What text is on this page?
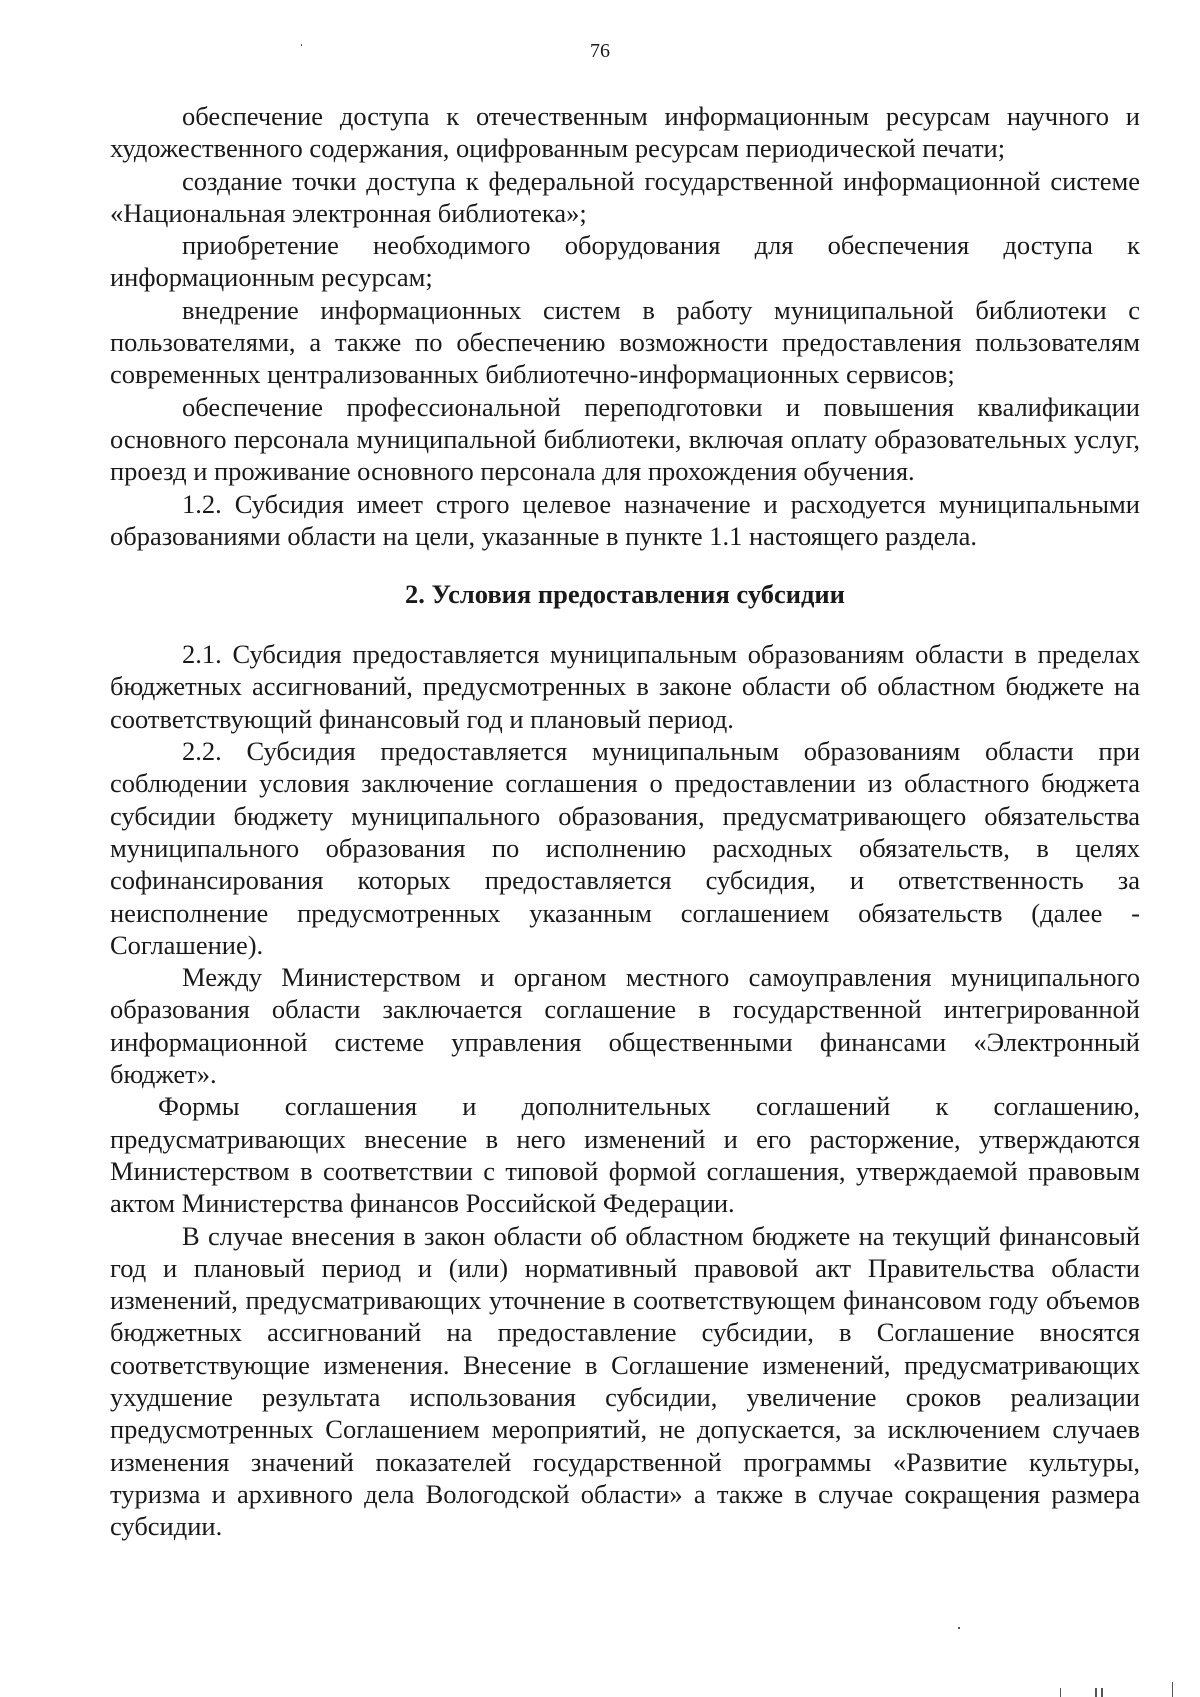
76

обеспечение доступа к отечественным информационным ресурсам научного и художественного содержания, оцифрованным ресурсам периодической печати;

создание точки доступа к федеральной государственной информационной системе «Национальная электронная библиотека»;

приобретение необходимого оборудования для обеспечения доступа к информационным ресурсам;

внедрение информационных систем в работу муниципальной библиотеки с пользователями, а также по обеспечению возможности предоставления пользователям современных централизованных библиотечно-информационных сервисов;

обеспечение профессиональной переподготовки и повышения квалификации основного персонала муниципальной библиотеки, включая оплату образовательных услуг, проезд и проживание основного персонала для прохождения обучения.

1.2. Субсидия имеет строго целевое назначение и расходуется муниципальными образованиями области на цели, указанные в пункте 1.1 настоящего раздела.

2. Условия предоставления субсидии

2.1. Субсидия предоставляется муниципальным образованиям области в пределах бюджетных ассигнований, предусмотренных в законе области об областном бюджете на соответствующий финансовый год и плановый период.

2.2. Субсидия предоставляется муниципальным образованиям области при соблюдении условия заключение соглашения о предоставлении из областного бюджета субсидии бюджету муниципального образования, предусматривающего обязательства муниципального образования по исполнению расходных обязательств, в целях софинансирования которых предоставляется субсидия, и ответственность за неисполнение предусмотренных указанным соглашением обязательств (далее - Соглашение).

Между Министерством и органом местного самоуправления муниципального образования области заключается соглашение в государственной интегрированной информационной системе управления общественными финансами «Электронный бюджет».

Формы соглашения и дополнительных соглашений к соглашению, предусматривающих внесение в него изменений и его расторжение, утверждаются Министерством в соответствии с типовой формой соглашения, утверждаемой правовым актом Министерства финансов Российской Федерации.

В случае внесения в закон области об областном бюджете на текущий финансовый год и плановый период и (или) нормативный правовой акт Правительства области изменений, предусматривающих уточнение в соответствующем финансовом году объемов бюджетных ассигнований на предоставление субсидии, в Соглашение вносятся соответствующие изменения. Внесение в Соглашение изменений, предусматривающих ухудшение результата использования субсидии, увеличение сроков реализации предусмотренных Соглашением мероприятий, не допускается, за исключением случаев изменения значений показателей государственной программы «Развитие культуры, туризма и архивного дела Вологодской области» а также в случае сокращения размера субсидии.
